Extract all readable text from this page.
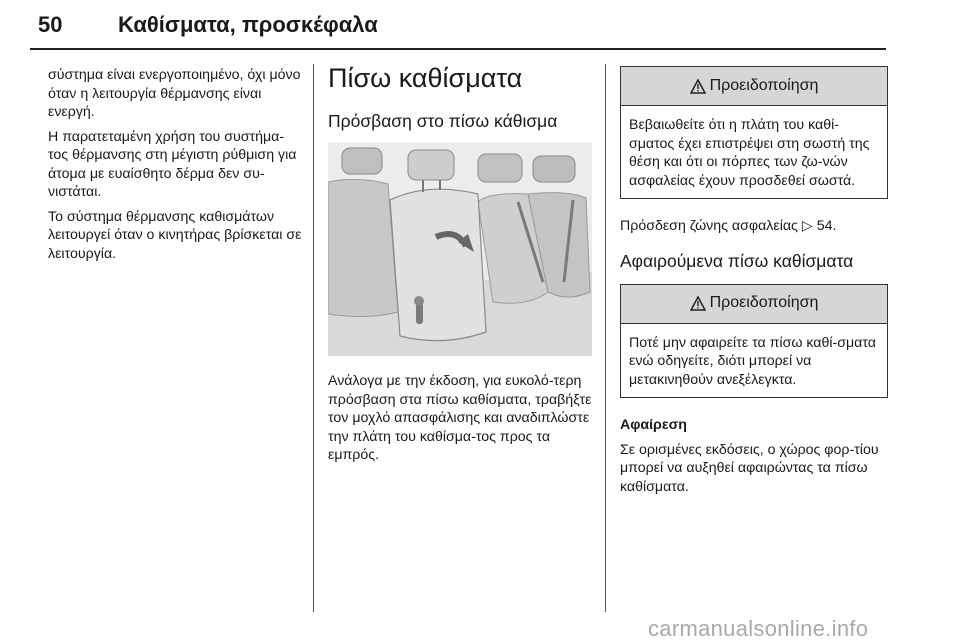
50	Καθίσματα, προσκέφαλα

σύστημα είναι ενεργοποιημένο, όχι μόνο όταν η λειτουργία θέρμανσης είναι ενεργή.

Η παρατεταμένη χρήση του συστήμα-τος θέρμανσης στη μέγιστη ρύθμιση για άτομα με ευαίσθητο δέρμα δεν συ-νιστάται.

Το σύστημα θέρμανσης καθισμάτων λειτουργεί όταν ο κινητήρας βρίσκεται σε λειτουργία.

Πίσω καθίσματα
Πρόσβαση στο πίσω κάθισμα

Ανάλογα με την έκδοση, για ευκολό-τερη πρόσβαση στα πίσω καθίσματα, τραβήξτε τον μοχλό απασφάλισης και αναδιπλώστε την πλάτη του καθίσμα-τος προς τα εμπρός.

Προειδοποίηση
Βεβαιωθείτε ότι η πλάτη του καθί-σματος έχει επιστρέψει στη σωστή της θέση και ότι οι πόρπες των ζω-νών ασφαλείας έχουν προσδεθεί σωστά.

Πρόσδεση ζώνης ασφαλείας ▷ 54.

Αφαιρούμενα πίσω καθίσματα
Προειδοποίηση
Ποτέ μην αφαιρείτε τα πίσω καθί-σματα ενώ οδηγείτε, διότι μπορεί να μετακινηθούν ανεξέλεγκτα.

Αφαίρεση

Σε ορισμένες εκδόσεις, ο χώρος φορ-τίου μπορεί να αυξηθεί αφαιρώντας τα πίσω καθίσματα.

carmanualsonline.info
